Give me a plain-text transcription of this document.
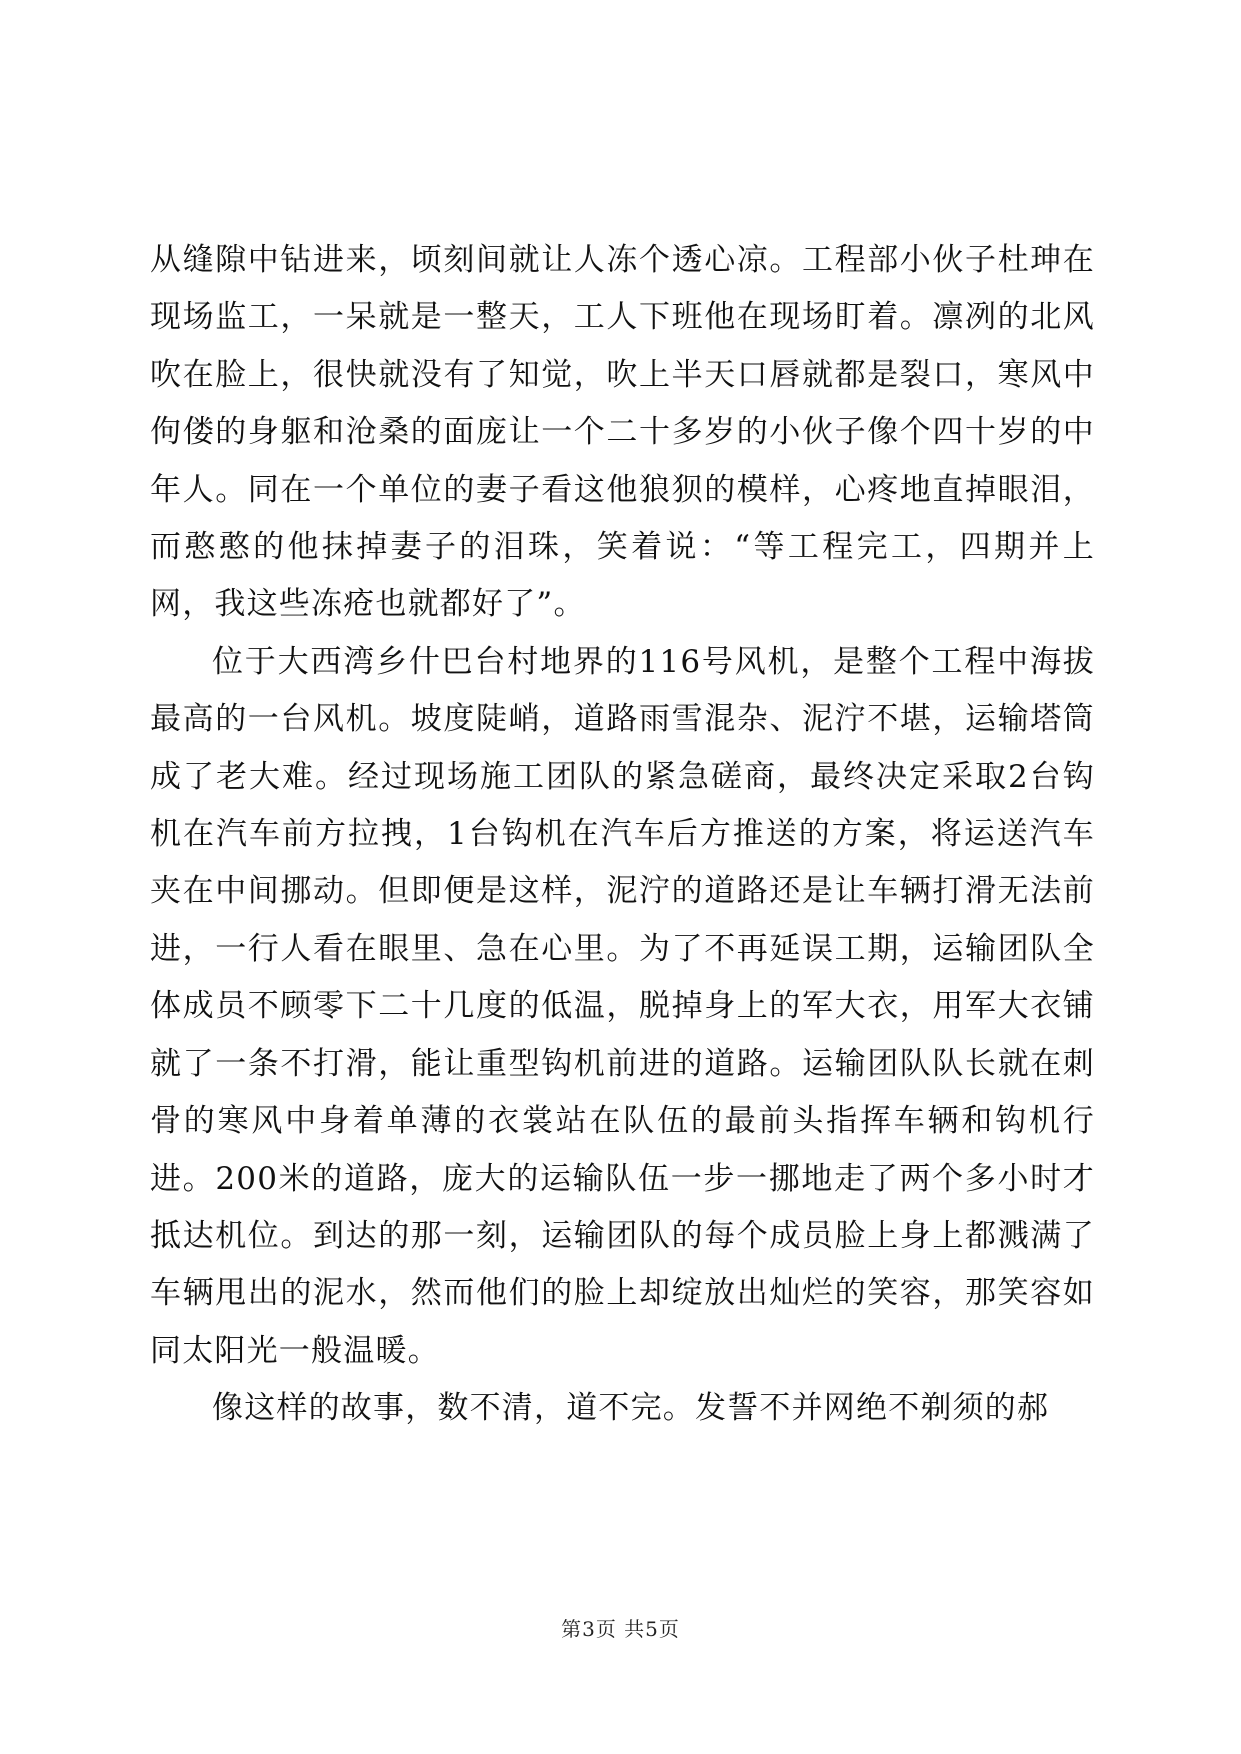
从缝隙中钻进来，顷刻间就让人冻个透心凉。工程部小伙子杜珅在现场监工，一呆就是一整天，工人下班他在现场盯着。凛冽的北风吹在脸上，很快就没有了知觉，吹上半天口唇就都是裂口，寒风中佝偻的身躯和沧桑的面庞让一个二十多岁的小伙子像个四十岁的中年人。同在一个单位的妻子看这他狼狈的模样，心疼地直掉眼泪，而憨憨的他抹掉妻子的泪珠，笑着说：“等工程完工，四期并上网，我这些冻疮也就都好了”。

位于大西湾乡什巴台村地界的116号风机，是整个工程中海拔最高的一台风机。坡度陡峭，道路雨雪混杂、泥泞不堪，运输塔筒成了老大难。经过现场施工团队的紧急磋商，最终决定采取2台钩机在汽车前方拉拽，1台钩机在汽车后方推送的方案，将运送汽车夹在中间挪动。但即便是这样，泥泞的道路还是让车辆打滑无法前进，一行人看在眼里、急在心里。为了不再延误工期，运输团队全体成员不顾零下二十几度的低温，脱掉身上的军大衣，用军大衣铺就了一条不打滑，能让重型钩机前进的道路。运输团队队长就在刺骨的寒风中身着单薄的衣裳站在队伍的最前头指挥车辆和钩机行进。200米的道路，庞大的运输队伍一步一挪地走了两个多小时才抵达机位。到达的那一刻，运输团队的每个成员脸上身上都溅满了车辆甩出的泥水，然而他们的脸上却绽放出灿烂的笑容，那笑容如同太阳光一般温暖。

像这样的故事，数不清，道不完。发誓不并网绝不剃须的郝

第3页 共5页
